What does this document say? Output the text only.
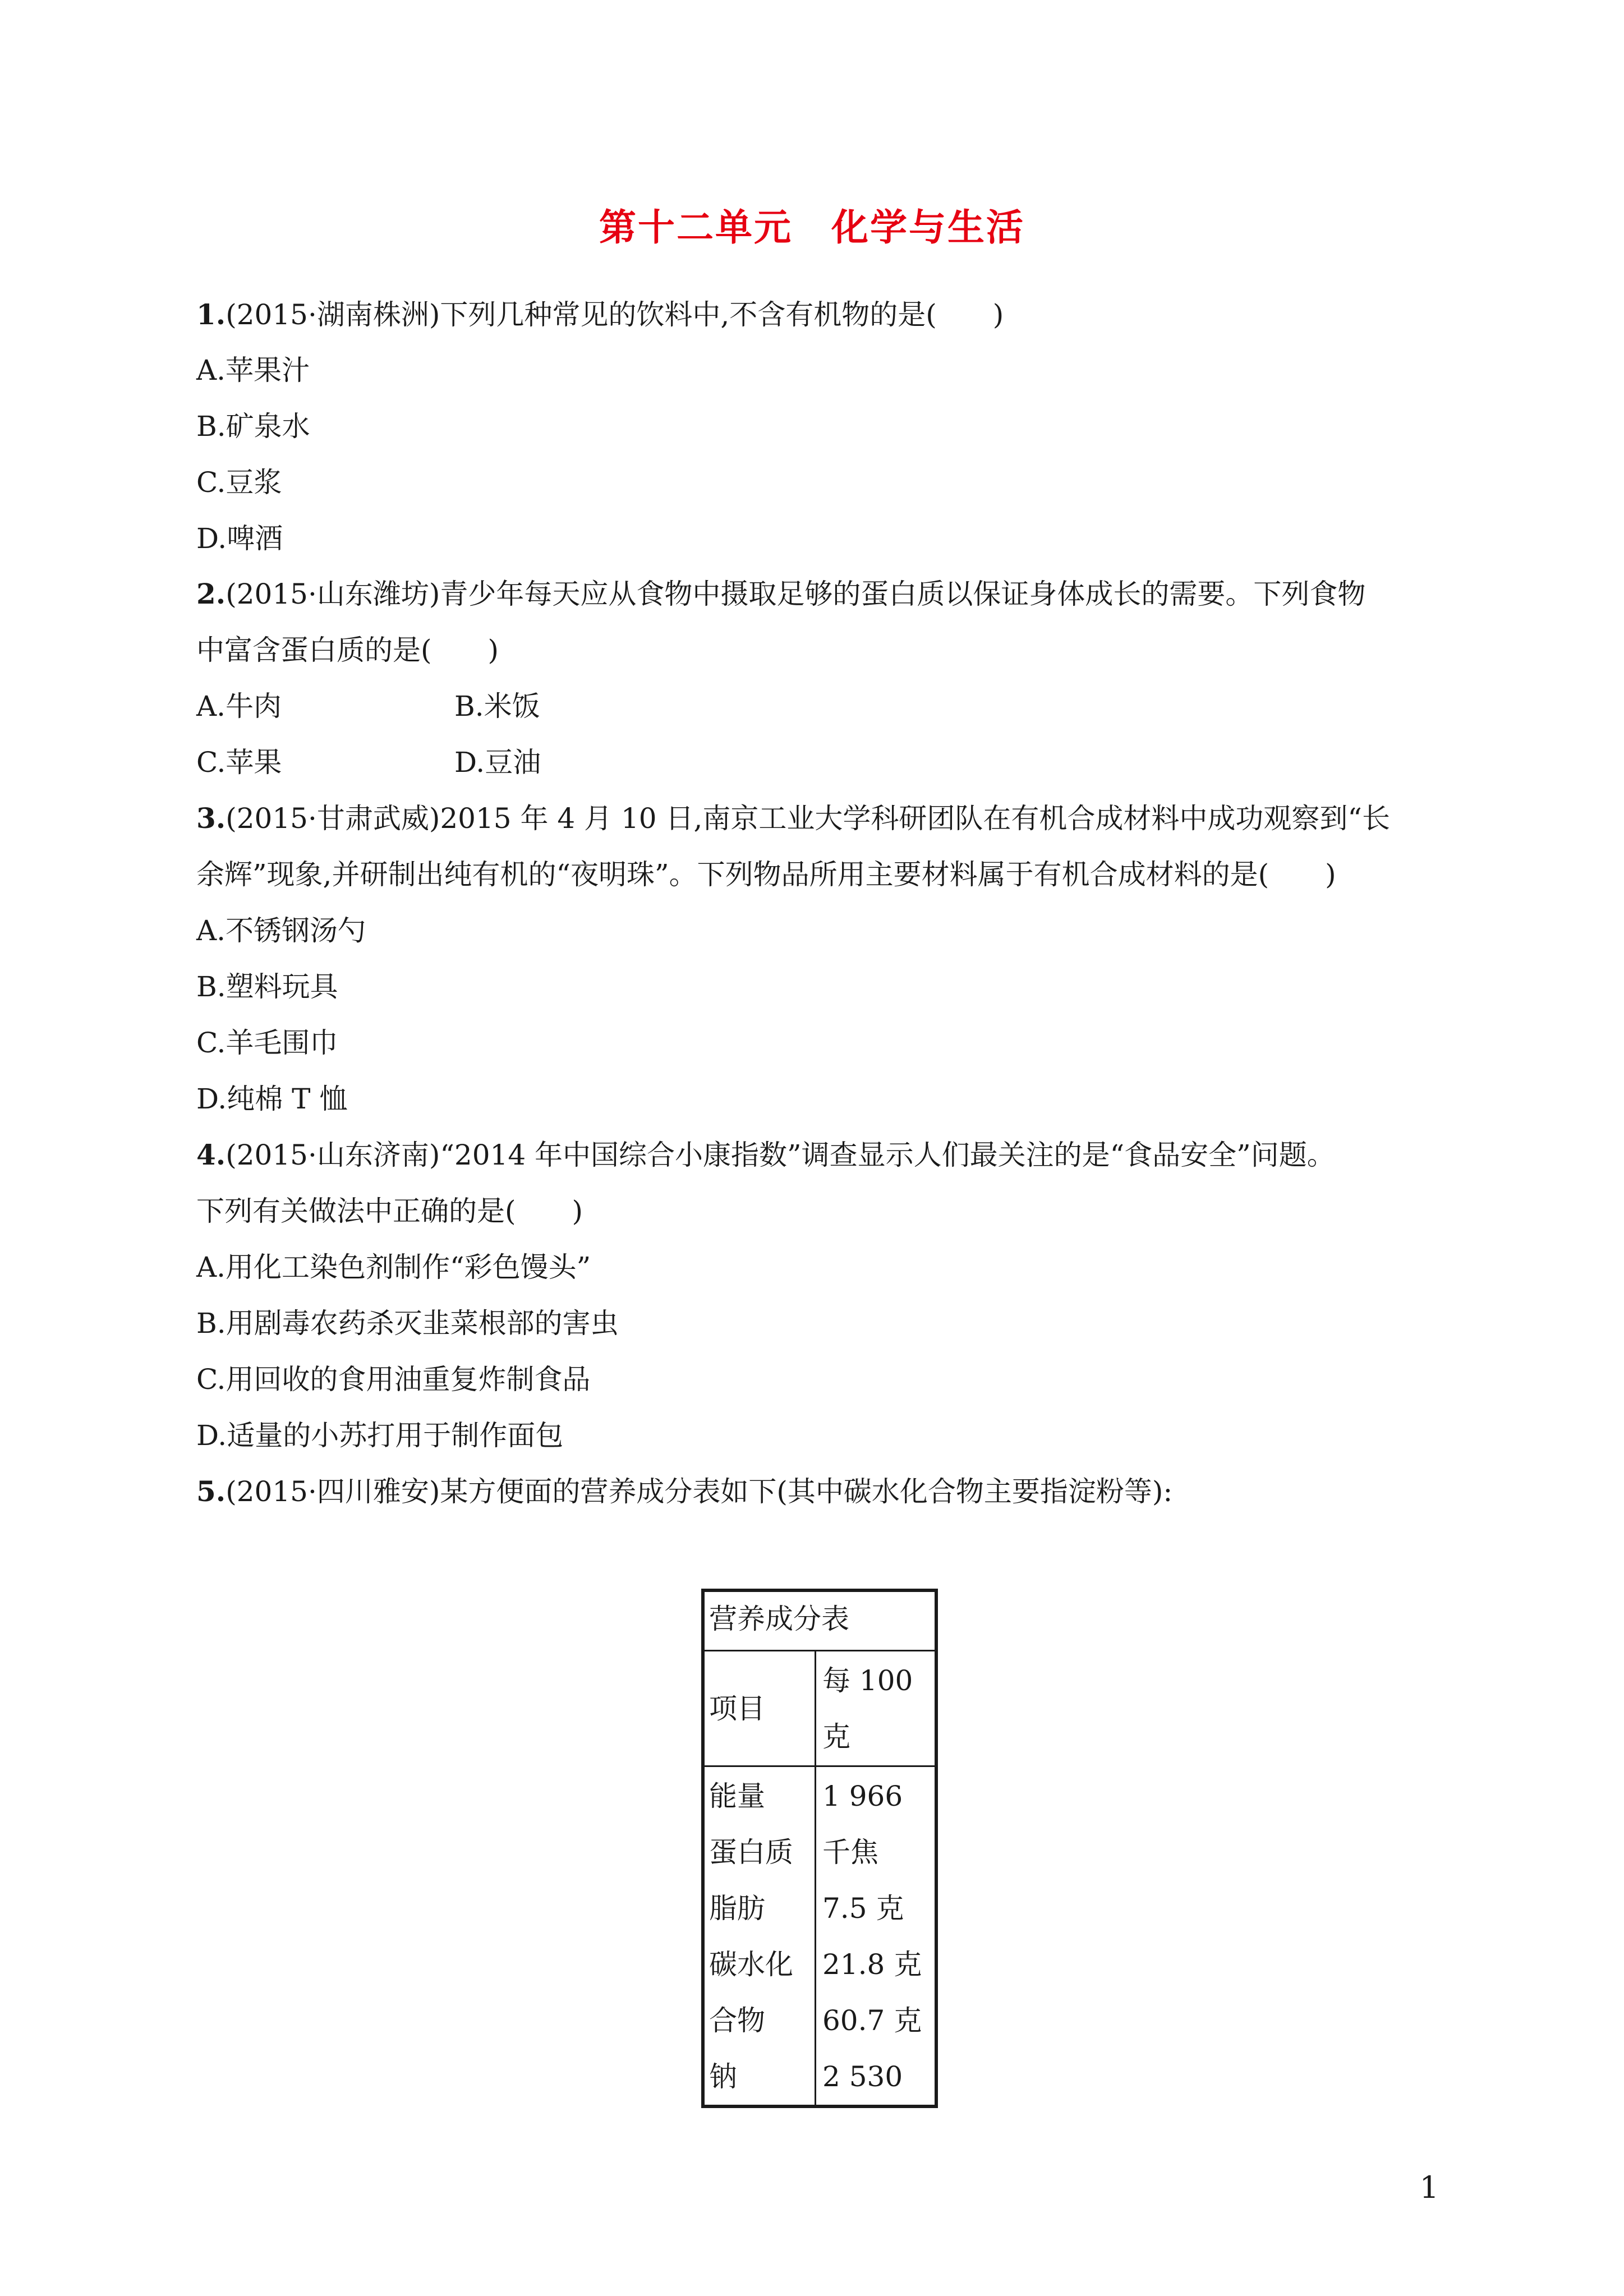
第十二单元　化学与生活
1.(2015·湖南株洲)下列几种常见的饮料中,不含有机物的是(　　)
A.苹果汁
B.矿泉水
C.豆浆
D.啤酒
2.(2015·山东潍坊)青少年每天应从食物中摄取足够的蛋白质以保证身体成长的需要。下列食物
中富含蛋白质的是(　　)
A.牛肉	B.米饭
C.苹果	D.豆油
3.(2015·甘肃武威)2015 年 4 月 10 日,南京工业大学科研团队在有机合成材料中成功观察到“长
余辉”现象,并研制出纯有机的“夜明珠”。下列物品所用主要材料属于有机合成材料的是(　　)
A.不锈钢汤勺
B.塑料玩具
C.羊毛围巾
D.纯棉 T 恤
4.(2015·山东济南)“2014 年中国综合小康指数”调查显示人们最关注的是“食品安全”问题。
下列有关做法中正确的是(　　)
A.用化工染色剂制作“彩色馒头”
B.用剧毒农药杀灭韭菜根部的害虫
C.用回收的食用油重复炸制食品
D.适量的小苏打用于制作面包
5.(2015·四川雅安)某方便面的营养成分表如下(其中碳水化合物主要指淀粉等):
营养成分表
项目
每 100
克
能量
蛋白质
脂肪
碳水化
合物
钠
1 966
千焦
7.5 克
21.8 克
60.7 克
2 530
1
